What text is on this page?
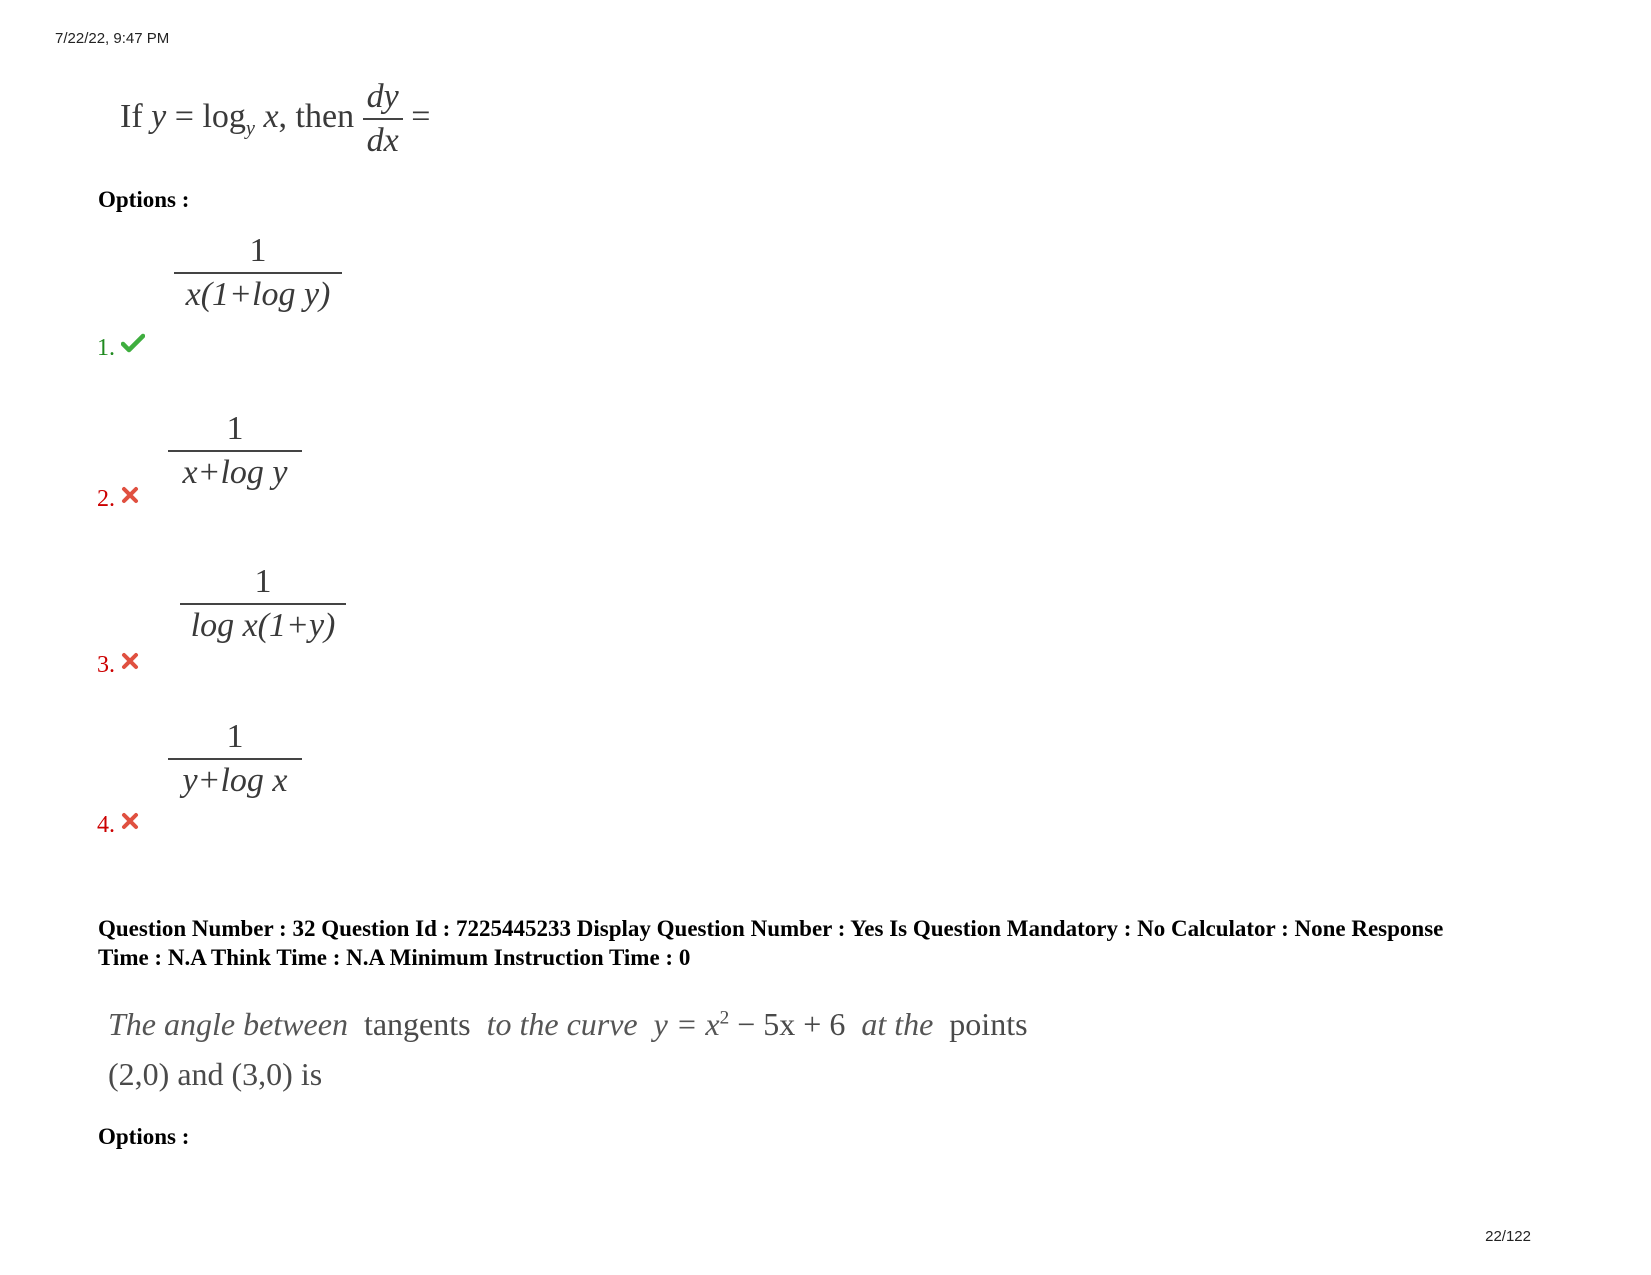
7/22/22, 9:47 PM
If $y = \log_y x$, then $\frac{dy}{dx}$ =
Options :
$\frac{1}{\text{x(1+log y)}}$
1.
$\frac{1}{\text{x+log y}}$
2.
$\frac{1}{\text{log x(1+y)}}$
3.
$\frac{1}{\text{y+log x}}$
4.
Question Number : 32 Question Id : 7225445233 Display Question Number : Yes Is Question Mandatory : No Calculator : None Response
Time : N.A Think Time : N.A Minimum Instruction Time : 0
The angle between tangents to the curve $y = x^2 - 5x + 6$ at the points
(2,0) and (3,0) is
Options :
22/122
